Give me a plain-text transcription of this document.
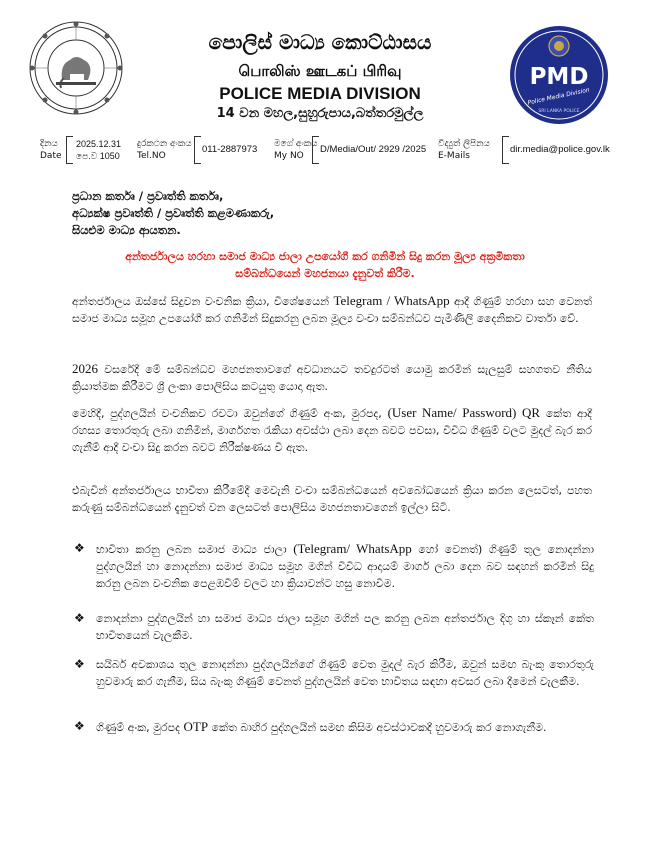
PMD
Police Media Division
SRI LANKA POLICE
පොලිස් මාධ්‍ය කොට්ඨාසය
பொலிஸ் ஊடகப் பிரிவு
POLICE MEDIA DIVISION
14 වන මහල,සුහුරුපාය,බත්තරමුල්ල
දිනය
Date
2025.12.31
පෙ.ව 1050
දුරකථන අංකය
Tel.NO
011-2887973 මගේ අංකය
My NO
D/Media/Out/ 2929 /2025 විද්‍යුත් ලිපිනය
E-Mails
dir.media@police.gov.lk
ප්‍රධාන කර්තෘ / ප්‍රවෘත්ති කර්තෘ,
අධ්‍යක්ෂ ප්‍රවෘත්ති / ප්‍රවෘත්ති කළමණාකරු,
සියළුම මාධ්‍ය ආයතන.
අන්තර්ජාලය හරහා සමාජ මාධ්‍ය ජාලා උපයෝගී කර ගනිමින් සිදු කරන මූල්‍ය අක්‍රමිකතා
සම්බන්ධයෙන් මහජනයා දැනුවත් කිරීම.
අන්තර්ජාලය ඔස්සේ සිදුවන වංචනික ක්‍රියා, විශේෂයෙන් Telegram / WhatsApp ආදී ගිණුම් හරහා සහ වෙනත් සමාජ මාධ්‍ය සමූහ උපයෝගී කර ගනිමින් සිදුකරනු ලබන මූල්‍ය වංචා සම්බන්ධව පැමිණිලි දෛනිකව වාර්තා වේ.
2026 වසරේදී මේ සම්බන්ධව මහජනතාවගේ අවධානයට තවදුරටත් යොමු කරමින් සැලසුම් සහගතව නීතිය ක්‍රියාත්මක කිරීමට ශ්‍රී ලංකා පොලිසිය කටයුතු යොදා ඇත.
මෙහිදී, පුද්ගලයින් වංචනිකව රවටා ඔවුන්ගේ ගිණුම් අංක, මුරපද, (User Name/ Password) QR කේත ආදී රහස්‍ය තොරතුරු ලබා ගනිමින්, මාර්ගගත රැකියා අවස්ථා ලබා දෙන බවට පවසා, විවිධ ගිණුම් වලට මුදල් බැර කර ගැනීම් ආදී වංචා සිදු කරන බවට නිරීක්ෂණය වී ඇත.
එබැවින් අන්තර්ජාලය භාවිතා කිරීමේදී මෙවැනි වංචා සම්බන්ධයෙන් අවබෝධයෙන් ක්‍රියා කරන ලෙසටත්, පහත කරුණු සම්බන්ධයෙන් දැනුවත් වන ලෙසටත් පොලිසිය මහජනතාවගෙන් ඉල්ලා සිටී.
❖ භාවිතා කරනු ලබන සමාජ මාධ්‍ය ජාලා (Telegram/ WhatsApp හෝ වෙනත්) ගිණුම් තුල නොදන්නා පුද්ගලයින් හා නොදන්නා සමාජ මාධ්‍ය සමූහ මගින් විවිධ ආදායම් මාර්ග ලබා දෙන බව සඳහන් කරමින් සිදු කරනු ලබන වංචනික පෙළඹවීම් වලට හා ක්‍රියාවන්ට හසු නොවීම.
❖ නොදන්නා පුද්ගලයින් හා සමාජ මාධ්‍ය ජාලා සමූහ මගින් පල කරනු ලබන අන්තර්ජාල දිගු හා ස්කෑන් කේත භාවිතයෙන් වැලකීම.
❖ සයිබර් අවකාශය තුල නොදන්නා පුද්ගලයින්ගේ ගිණුම් වෙත මුදල් බැර කිරීම, ඔවුන් සමඟ බැංකු තොරතුරු හුවමාරු කර ගැනීම, සිය බැංකු ගිණුම් වෙනත් පුද්ගලයින් වෙත භාවිතය සඳහා අවසර ලබා දීමෙන් වැලකීම.
❖ ගිණුම් අංක, මුරපද OTP කේත බාහිර පුද්ගලයින් සමඟ කිසිම අවස්ථාවකදී හුවමාරු කර නොගැනීම.
